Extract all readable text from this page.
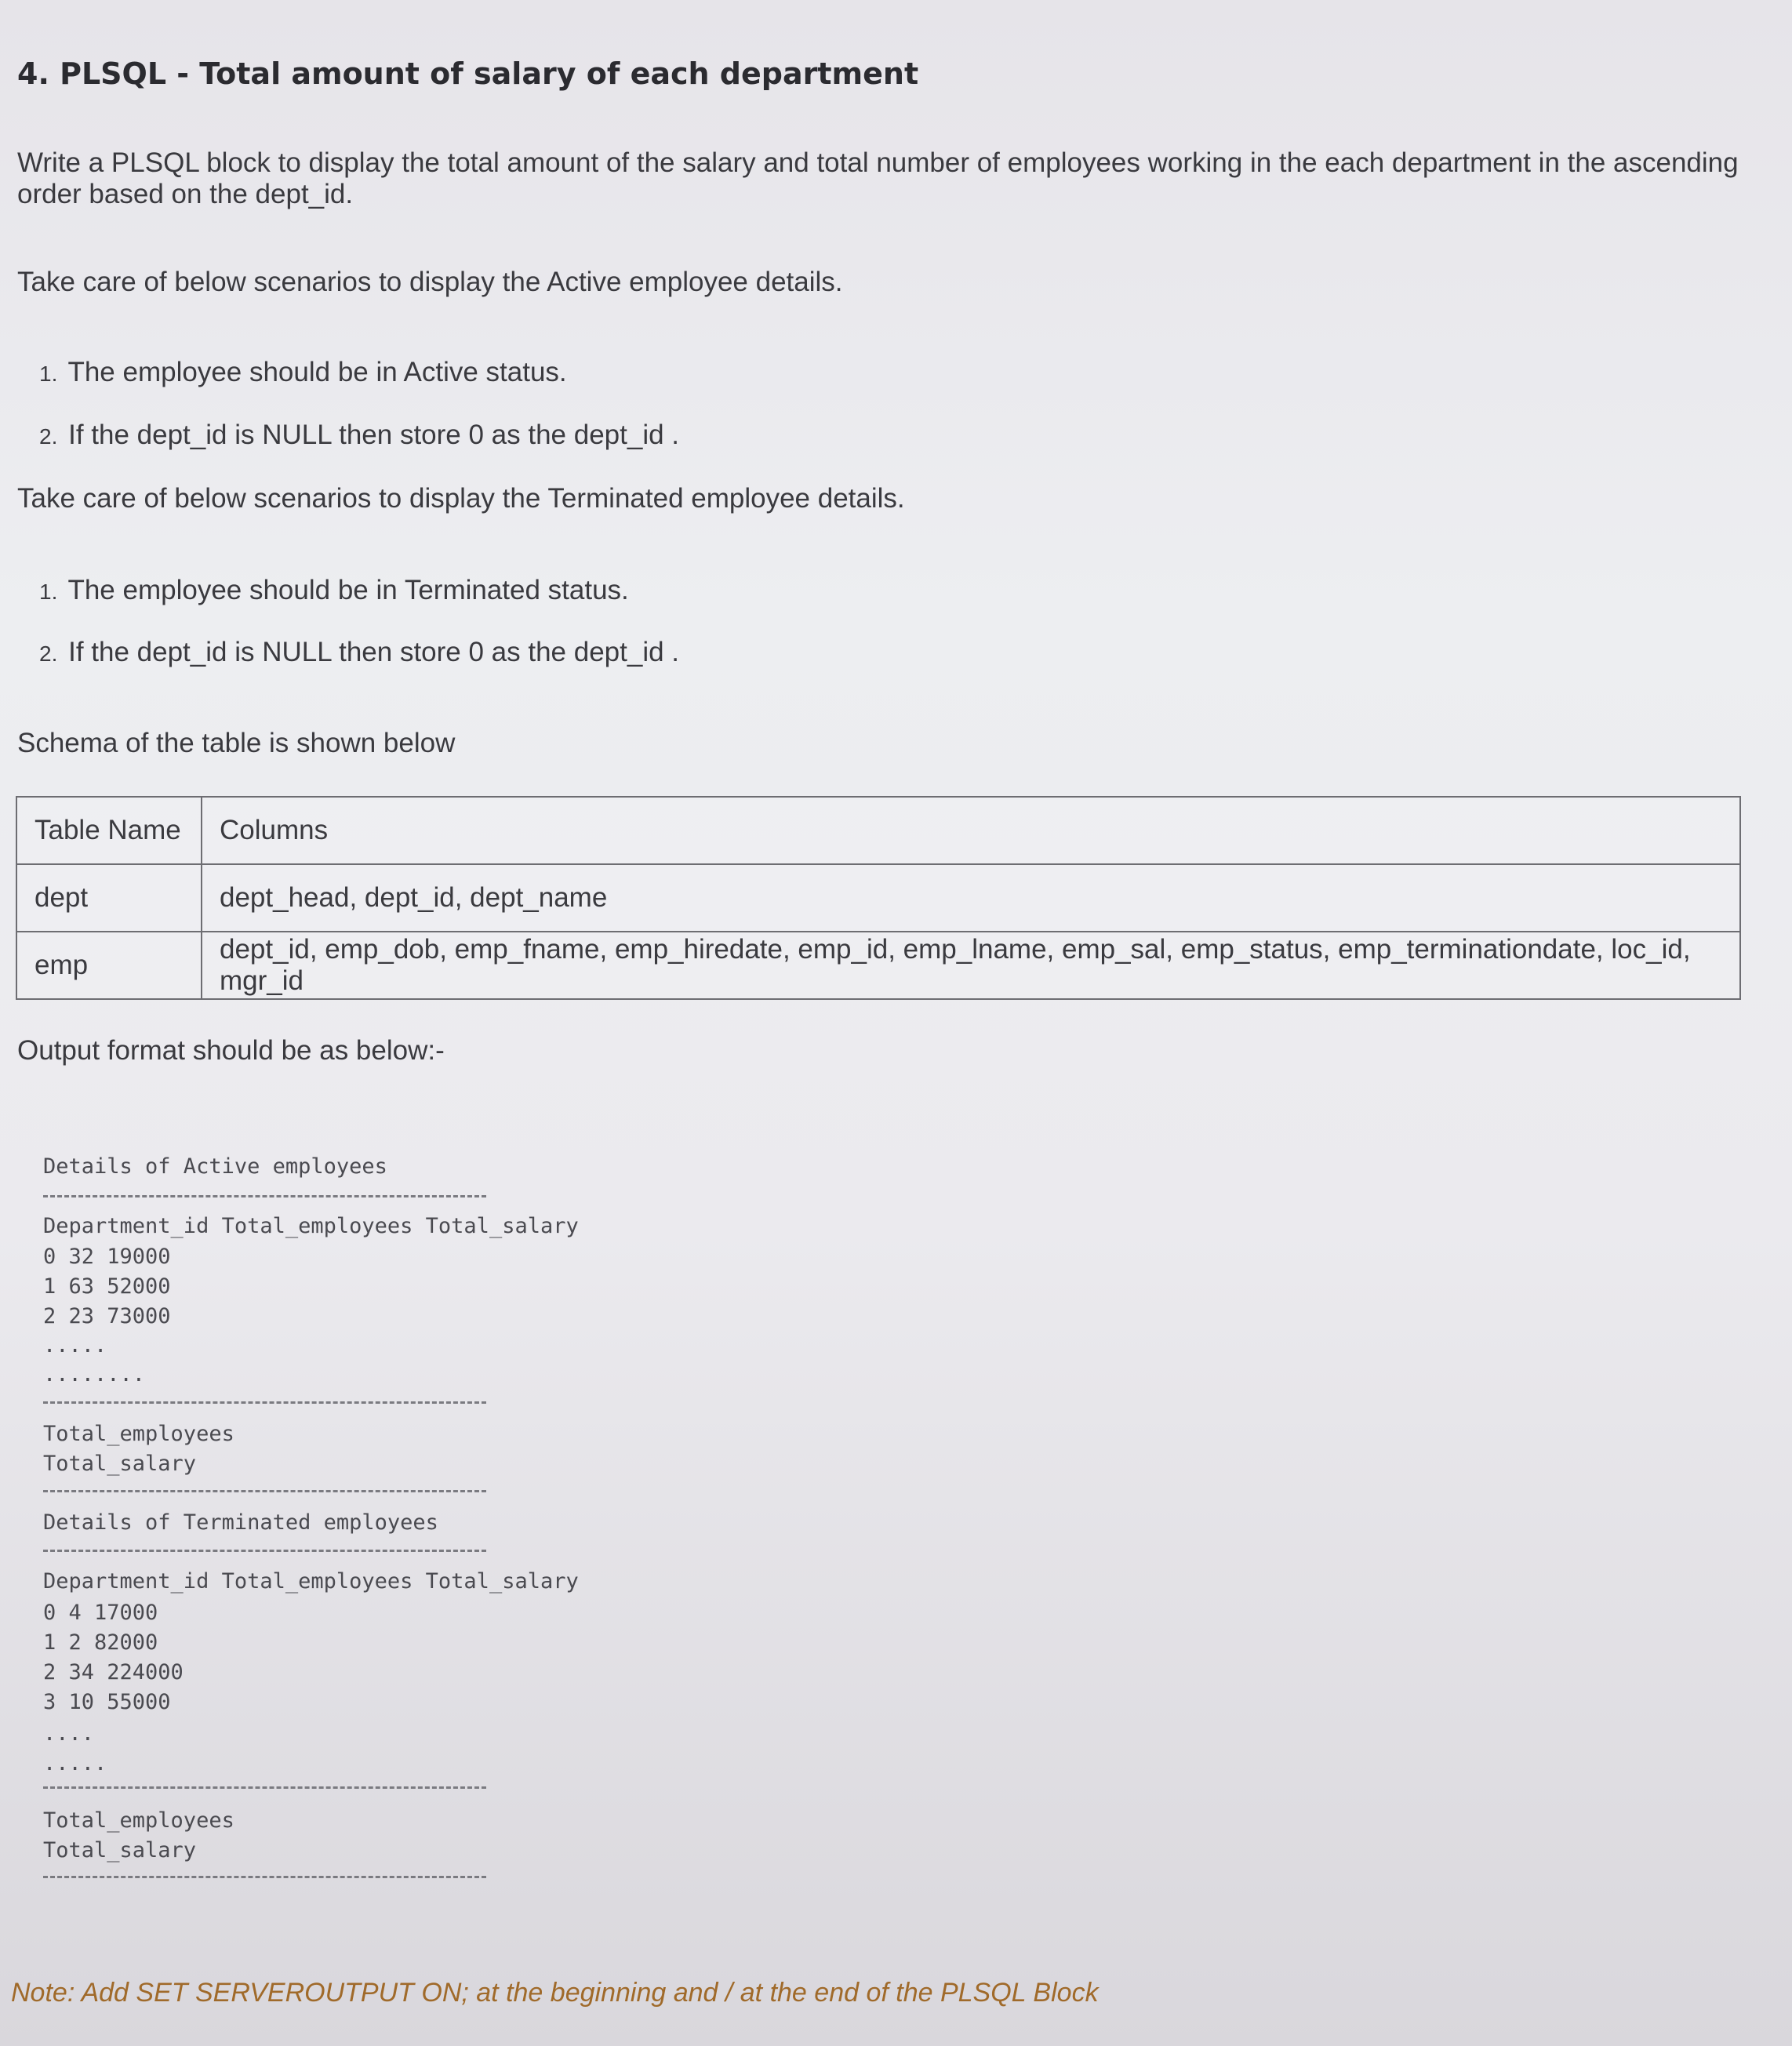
4. PLSQL - Total amount of salary of each department

Write a PLSQL block to display the total amount of the salary and total number of employees working in the each department in the ascending order based on the dept_id.

Take care of below scenarios to display the Active employee details.

1. The employee should be in Active status.

2. If the dept_id is NULL then store 0 as the dept_id .

Take care of below scenarios to display the Terminated employee details.

1. The employee should be in Terminated status.

2. If the dept_id is NULL then store 0 as the dept_id .

Schema of the table is shown below

Table Name	Columns
dept	dept_head, dept_id, dept_name
emp	dept_id, emp_dob, emp_fname, emp_hiredate, emp_id, emp_lname, emp_sal, emp_status, emp_terminationdate, loc_id, mgr_id

Output format should be as below:-

Details of Active employees

Department_id Total_employees Total_salary

0 32 19000

1 63 52000

2 23 73000

.....

........

Total_employees

Total_salary

Details of Terminated employees

Department_id Total_employees Total_salary

0 4 17000

1 2 82000

2 34 224000

3 10 55000

....

.....

Total_employees

Total_salary

Note: Add SET SERVEROUTPUT ON; at the beginning and / at the end of the PLSQL Block
